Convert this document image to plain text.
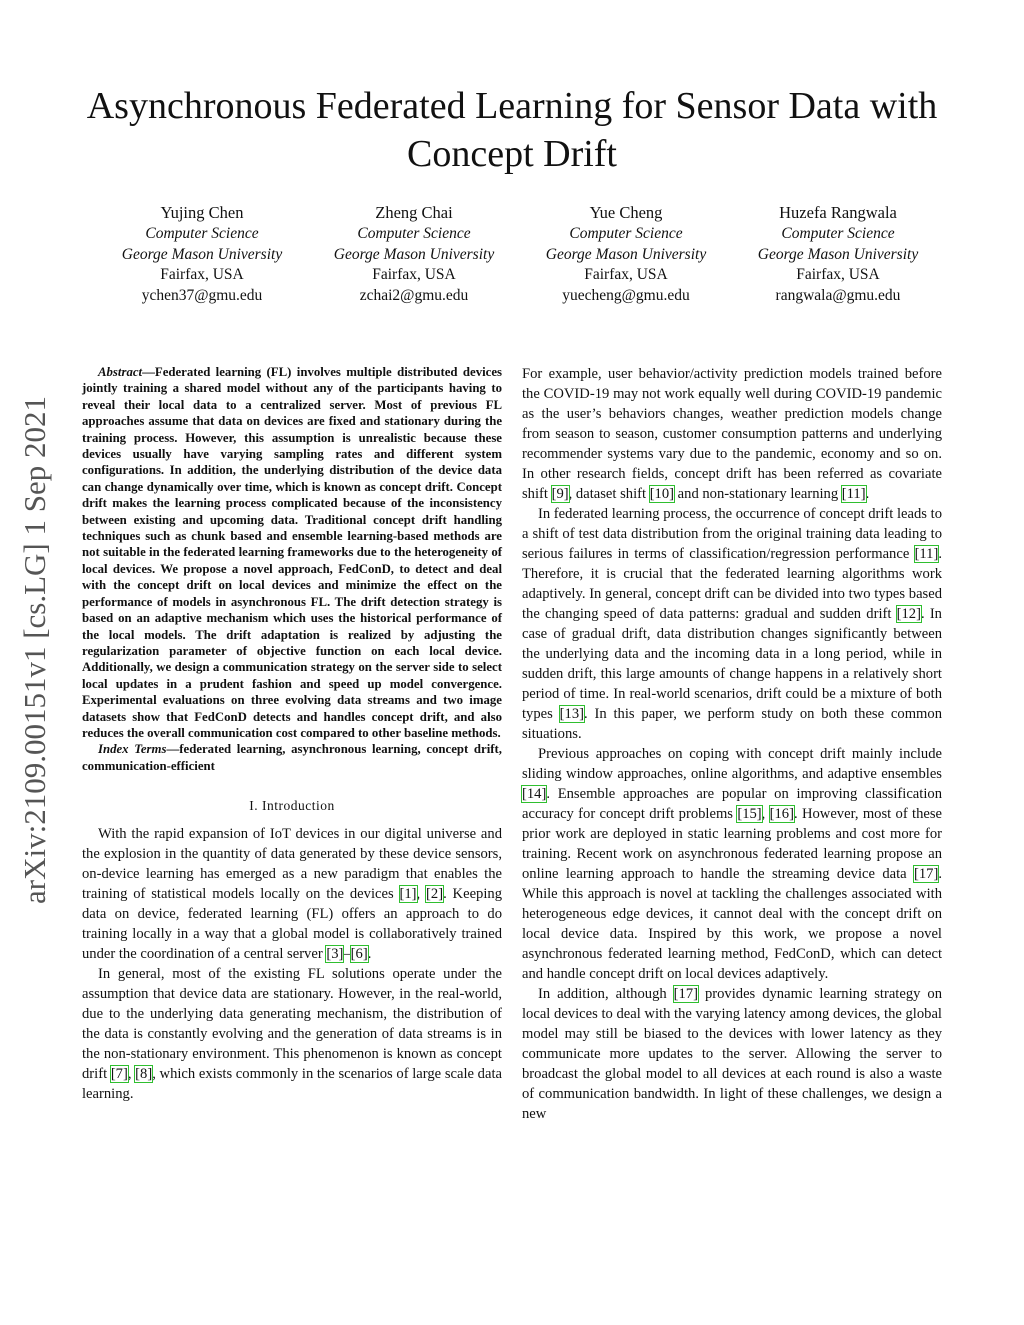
Asynchronous Federated Learning for Sensor Data with Concept Drift
Yujing Chen
Computer Science
George Mason University
Fairfax, USA
ychen37@gmu.edu
Zheng Chai
Computer Science
George Mason University
Fairfax, USA
zchai2@gmu.edu
Yue Cheng
Computer Science
George Mason University
Fairfax, USA
yuecheng@gmu.edu
Huzefa Rangwala
Computer Science
George Mason University
Fairfax, USA
rangwala@gmu.edu
arXiv:2109.00151v1 [cs.LG] 1 Sep 2021

Abstract—Federated learning (FL) involves multiple distributed devices jointly training a shared model without any of the participants having to reveal their local data to a centralized server. Most of previous FL approaches assume that data on devices are fixed and stationary during the training process. However, this assumption is unrealistic because these devices usually have varying sampling rates and different system configurations. In addition, the underlying distribution of the device data can change dynamically over time, which is known as concept drift. Concept drift makes the learning process complicated because of the inconsistency between existing and upcoming data. Traditional concept drift handling techniques such as chunk based and ensemble learning-based methods are not suitable in the federated learning frameworks due to the heterogeneity of local devices. We propose a novel approach, FedConD, to detect and deal with the concept drift on local devices and minimize the effect on the performance of models in asynchronous FL. The drift detection strategy is based on an adaptive mechanism which uses the historical performance of the local models. The drift adaptation is realized by adjusting the regularization parameter of objective function on each local device. Additionally, we design a communication strategy on the server side to select local updates in a prudent fashion and speed up model convergence. Experimental evaluations on three evolving data streams and two image datasets show that FedConD detects and handles concept drift, and also reduces the overall communication cost compared to other baseline methods.

Index Terms—federated learning, asynchronous learning, concept drift, communication-efficient

I. Introduction

With the rapid expansion of IoT devices in our digital universe and the explosion in the quantity of data generated by these device sensors, on-device learning has emerged as a new paradigm that enables the training of statistical models locally on the devices [1], [2]. Keeping data on device, federated learning (FL) offers an approach to do training locally in a way that a global model is collaboratively trained under the coordination of a central server [3]–[6].

In general, most of the existing FL solutions operate under the assumption that device data are stationary. However, in the real-world, due to the underlying data generating mechanism, the distribution of the data is constantly evolving and the generation of data streams is in the non-stationary environment. This phenomenon is known as concept drift [7], [8], which exists commonly in the scenarios of large scale data learning.

For example, user behavior/activity prediction models trained before the COVID-19 may not work equally well during COVID-19 pandemic as the user’s behaviors changes, weather prediction models change from season to season, customer consumption patterns and underlying recommender systems vary due to the pandemic, economy and so on. In other research fields, concept drift has been referred as covariate shift [9], dataset shift [10] and non-stationary learning [11].

In federated learning process, the occurrence of concept drift leads to a shift of test data distribution from the original training data leading to serious failures in terms of classification/regression performance [11]. Therefore, it is crucial that the federated learning algorithms work adaptively. In general, concept drift can be divided into two types based the changing speed of data patterns: gradual and sudden drift [12]. In case of gradual drift, data distribution changes significantly between the underlying data and the incoming data in a long period, while in sudden drift, this large amounts of change happens in a relatively short period of time. In real-world scenarios, drift could be a mixture of both types [13]. In this paper, we perform study on both these common situations.

Previous approaches on coping with concept drift mainly include sliding window approaches, online algorithms, and adaptive ensembles [14]. Ensemble approaches are popular on improving classification accuracy for concept drift problems [15], [16]. However, most of these prior work are deployed in static learning problems and cost more for training. Recent work on asynchronous federated learning propose an online learning approach to handle the streaming device data [17]. While this approach is novel at tackling the challenges associated with heterogeneous edge devices, it cannot deal with the concept drift on local device data. Inspired by this work, we propose a novel asynchronous federated learning method, FedConD, which can detect and handle concept drift on local devices adaptively.

In addition, although [17] provides dynamic learning strategy on local devices to deal with the varying latency among devices, the global model may still be biased to the devices with lower latency as they communicate more updates to the server. Allowing the server to broadcast the global model to all devices at each round is also a waste of communication bandwidth. In light of these challenges, we design a new
